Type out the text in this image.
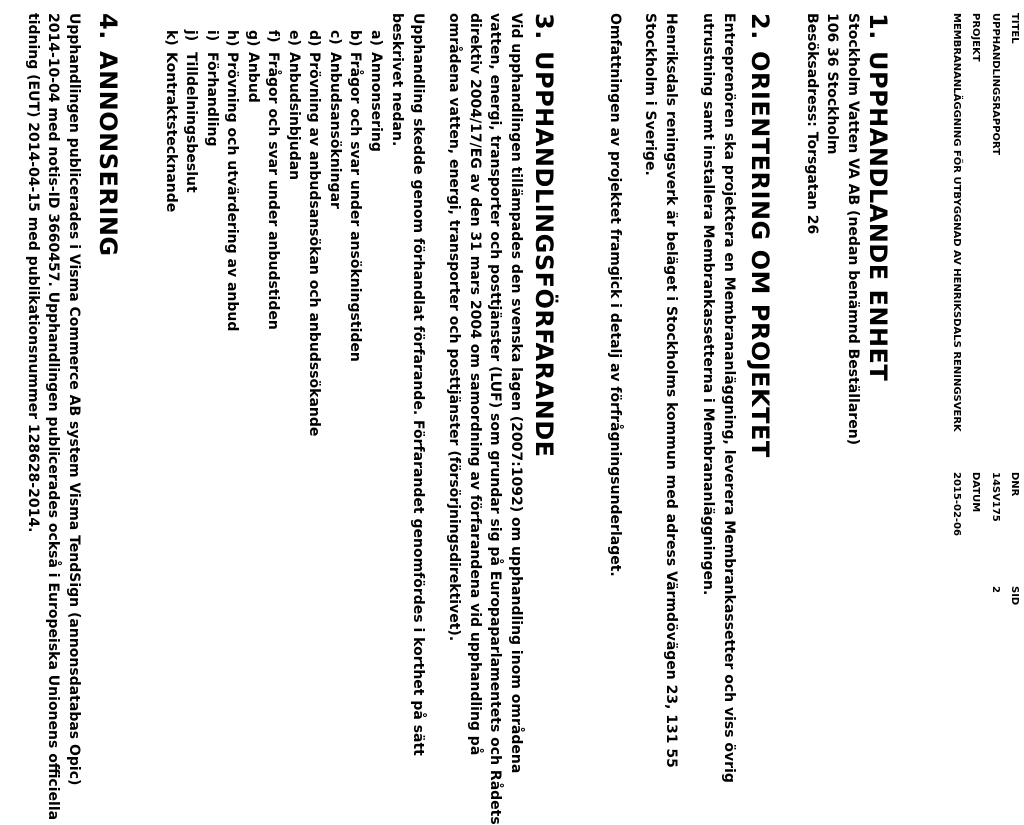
TITEL
UPPHANDLINGSRAPPORT
PROJEKT
MEMBRANANLÄGGNING FÖR UTBYGGNAD AV HENRIKSDALS RENINGSVERK
DNR
14SV175
DATUM
2015-02-06
SID
2
1.UPPHANDLANDE ENHET
Stockholm Vatten VA AB (nedan benämnd Beställaren)
106 36 Stockholm
Besöksadress: Torsgatan 26
2.ORIENTERING OM PROJEKTET
Entreprenören ska projektera en Membrananläggning, leverera Membrankassetter och viss övrig
utrustning samt installera Membrankassetterna i Membrananläggningen.
Henriksdals reningsverk är beläget i Stockholms kommun med adress Värmdövägen 23, 131 55
Stockholm i Sverige.
Omfattningen av projektet framgick i detalj av förfrågningsunderlaget.
3.UPPHANDLINGSFÖRFARANDE
Vid upphandlingen tillämpades den svenska lagen (2007:1092) om upphandling inom områdena
vatten, energi, transporter och posttjänster (LUF) som grundar sig på Europaparlamentets och Rådets
direktiv 2004/17/EG av den 31 mars 2004 om samordning av förfarandena vid upphandling på
områdena vatten, energi, transporter och posttjänster (försörjningsdirektivet).
Upphandling skedde genom förhandlat förfarande. Förfarandet genomfördes i korthet på sätt
beskrivet nedan.
a)Annonsering
b)Frågor och svar under ansökningstiden
c)Anbudsansökningar
d)Prövning av anbudsansökan och anbudssökande
e)Anbudsinbjudan
f)Frågor och svar under anbudstiden
g)Anbud
h)Prövning och utvärdering av anbud
i)Förhandling
j)Tilldelningsbeslut
k)Kontraktstecknande
4.ANNONSERING
Upphandlingen publicerades i Visma Commerce AB system Visma TendSign (annonsdatabas Opic)
2014-10-04 med notis-ID 3660457. Upphandlingen publicerades också i Europeiska Unionens officiella
tidning (EUT) 2014-04-15 med publikationsnummer 128628-2014.
